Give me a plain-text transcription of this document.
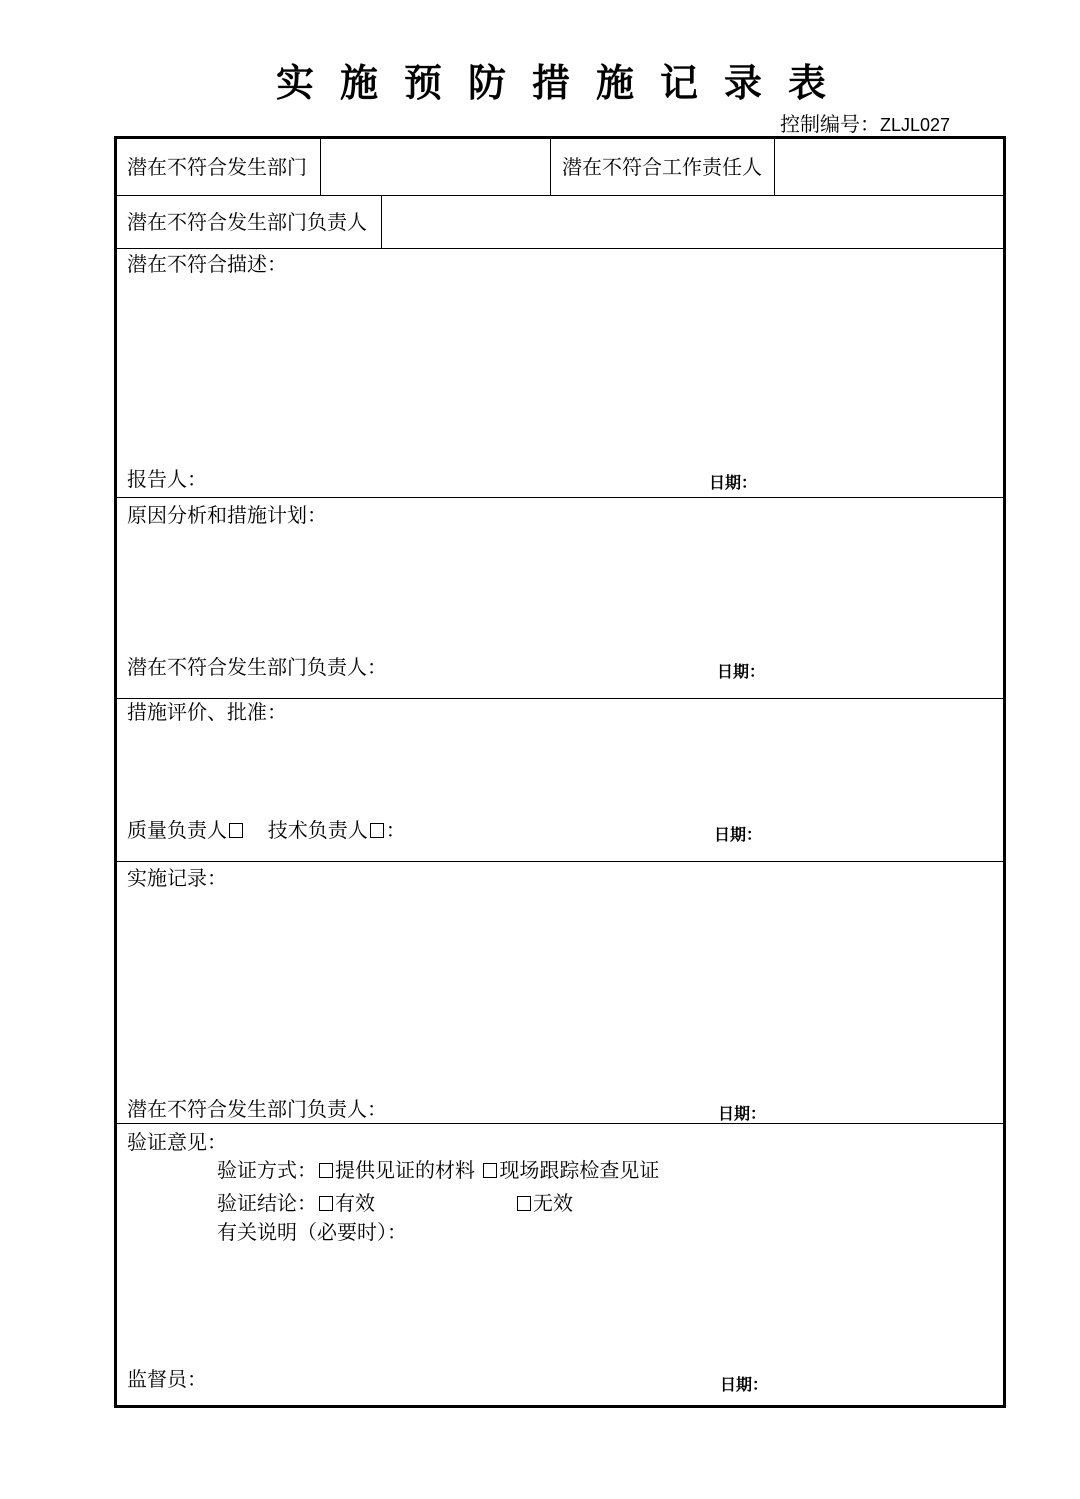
实施预防措施记录表
控制编号：ZLJL027
潜在不符合发生部门	潜在不符合工作责任人
潜在不符合发生部门负责人
潜在不符合描述：
报告人：	日期：
原因分析和措施计划：
潜在不符合发生部门负责人：	日期：
措施评价、批准：
质量负责人 技术负责人 ：	日期：
实施记录：
潜在不符合发生部门负责人：	日期：
验证意见：
验证方式： 提供见证的材料 现场跟踪检查见证
验证结论： 有效	无效
有关说明（必要时）：
监督员：	日期：
